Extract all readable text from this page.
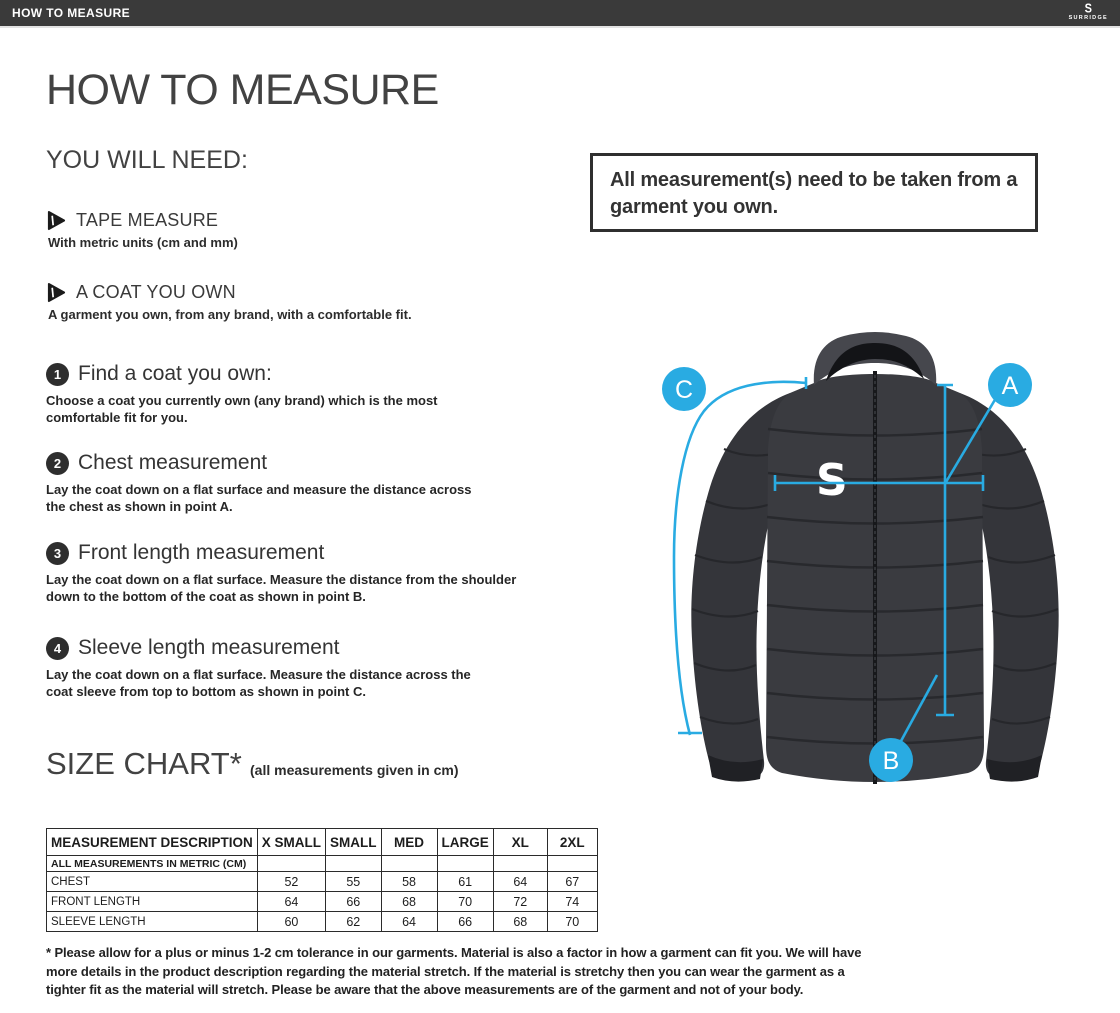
HOW TO MEASURE	S
SURRIDGE
HOW TO MEASURE
YOU WILL NEED:
TAPE MEASURE
With metric units (cm and mm)
A COAT YOU OWN
A garment you own, from any brand, with a comfortable fit.
All measurement(s) need to be taken from a garment you own.
1 Find a coat you own:
Choose a coat you currently own (any brand) which is the most
comfortable fit for you.
2 Chest measurement
Lay the coat down on a flat surface and measure the distance across
the chest as shown in point A.
3 Front length measurement
Lay the coat down on a flat surface. Measure the distance from the shoulder
down to the bottom of the coat as shown in point B.
4 Sleeve length measurement
Lay the coat down on a flat surface. Measure the distance across the
coat sleeve from top to bottom as shown in point C.
S
A
B
C
SIZE CHART* (all measurements given in cm)
MEASUREMENT DESCRIPTION	X SMALL	SMALL	MED	LARGE	XL	2XL
ALL MEASUREMENTS IN METRIC (CM)						
CHEST	52	55	58	61	64	67
FRONT LENGTH	64	66	68	70	72	74
SLEEVE LENGTH	60	62	64	66	68	70
* Please allow for a plus or minus 1-2 cm tolerance in our garments. Material is also a factor in how a garment can fit you. We will have
more details in the product description regarding the material stretch. If the material is stretchy then you can wear the garment as a
tighter fit as the material will stretch. Please be aware that the above measurements are of the garment and not of your body.
